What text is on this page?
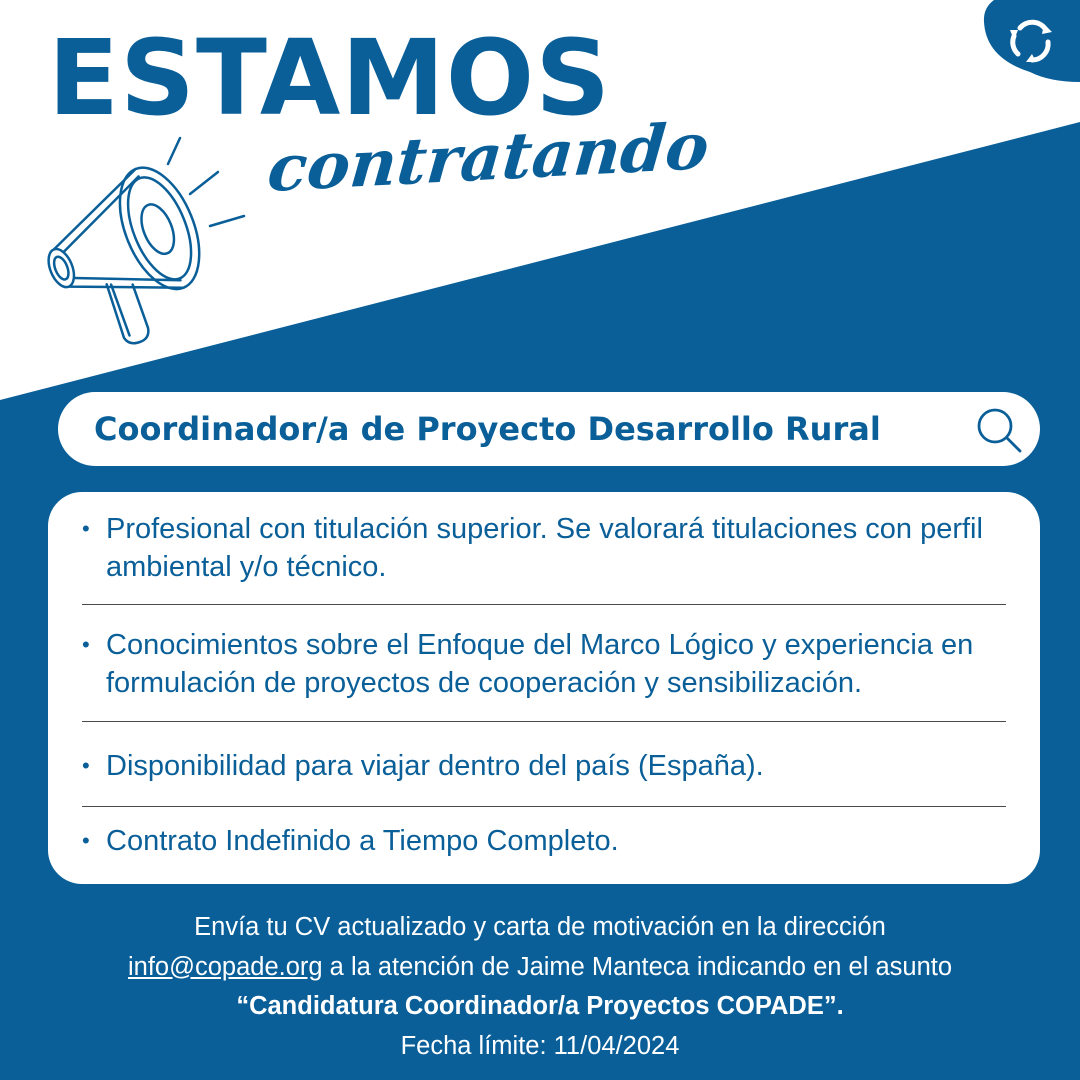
ESTAMOS
contratando
Coordinador/a de Proyecto Desarrollo Rural
• Profesional con titulación superior. Se valorará titulaciones con perfil ambiental y/o técnico.
• Conocimientos sobre el Enfoque del Marco Lógico y experiencia en formulación de proyectos de cooperación y sensibilización.
• Disponibilidad para viajar dentro del país (España).
• Contrato Indefinido a Tiempo Completo.
Envía tu CV actualizado y carta de motivación en la dirección
info@copade.org a la atención de Jaime Manteca indicando en el asunto
“Candidatura Coordinador/a Proyectos COPADE”.
Fecha límite: 11/04/2024
